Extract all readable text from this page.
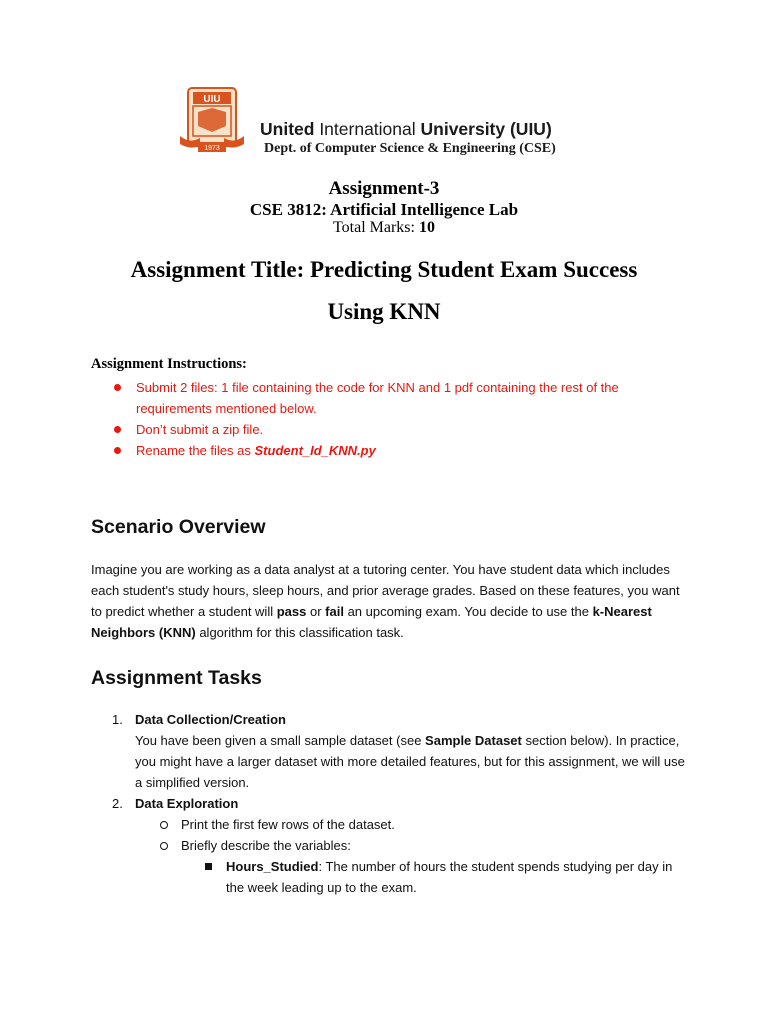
UIU
1973
United International University (UIU)
Dept. of Computer Science & Engineering (CSE)
Assignment-3
CSE 3812: Artificial Intelligence Lab
Total Marks: 10
Assignment Title: Predicting Student Exam Success
Using KNN
Assignment Instructions:
Submit 2 files: 1 file containing the code for KNN and 1 pdf containing the rest of the requirements mentioned below.
Don’t submit a zip file.
Rename the files as Student_Id_KNN.py
Scenario Overview
Imagine you are working as a data analyst at a tutoring center. You have student data which includes each student's study hours, sleep hours, and prior average grades. Based on these features, you want to predict whether a student will pass or fail an upcoming exam. You decide to use the k-Nearest Neighbors (KNN) algorithm for this classification task.
Assignment Tasks
1. Data Collection/Creation
You have been given a small sample dataset (see Sample Dataset section below). In practice, you might have a larger dataset with more detailed features, but for this assignment, we will use a simplified version.
2. Data Exploration
Print the first few rows of the dataset.
Briefly describe the variables:
Hours_Studied: The number of hours the student spends studying per day in the week leading up to the exam.
